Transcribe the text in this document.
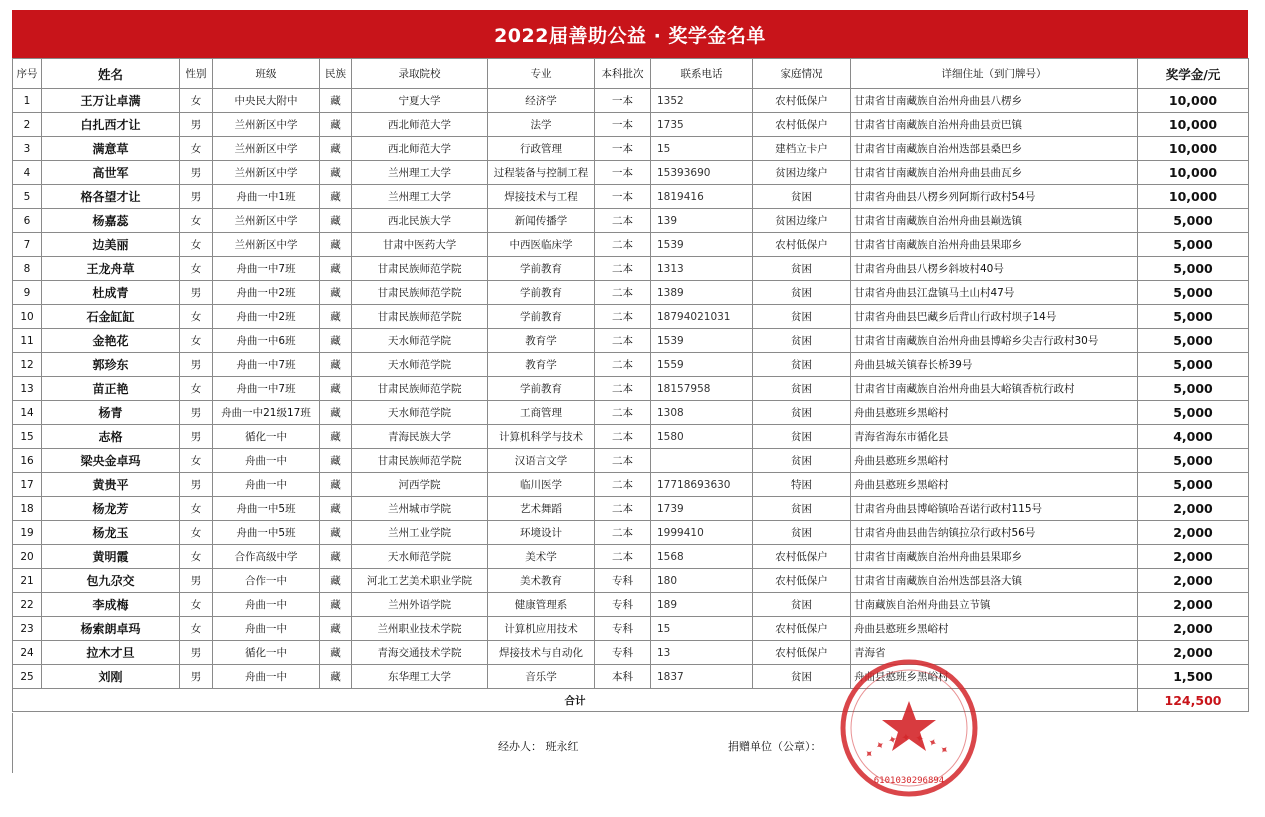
2022届善助公益 · 奖学金名单
序号	姓名	性别	班级	民族	录取院校	专业	本科批次	联系电话	家庭情况	详细住址（到门牌号）	奖学金/元
1	王万让卓满	女	中央民大附中	藏	宁夏大学	经济学	一本	1352	农村低保户	甘肃省甘南藏族自治州舟曲县八楞乡	10,000
2	白扎西才让	男	兰州新区中学	藏	西北师范大学	法学	一本	1735	农村低保户	甘肃省甘南藏族自治州舟曲县贡巴镇	10,000
3	满意草	女	兰州新区中学	藏	西北师范大学	行政管理	一本	15	建档立卡户	甘肃省甘南藏族自治州迭部县桑巴乡	10,000
4	高世军	男	兰州新区中学	藏	兰州理工大学	过程装备与控制工程	一本	15393690	贫困边缘户	甘肃省甘南藏族自治州舟曲县曲瓦乡	10,000
5	格各望才让	男	舟曲一中1班	藏	兰州理工大学	焊接技术与工程	一本	1819416	贫困	甘肃省舟曲县八楞乡列阿斯行政村54号	10,000
6	杨嘉蕊	女	兰州新区中学	藏	西北民族大学	新闻传播学	二本	139	贫困边缘户	甘肃省甘南藏族自治州舟曲县巅选镇	5,000
7	边美丽	女	兰州新区中学	藏	甘肃中医药大学	中西医临床学	二本	1539	农村低保户	甘肃省甘南藏族自治州舟曲县果耶乡	5,000
8	王龙舟草	女	舟曲一中7班	藏	甘肃民族师范学院	学前教育	二本	1313	贫困	甘肃省舟曲县八楞乡斜坡村40号	5,000
9	杜成青	男	舟曲一中2班	藏	甘肃民族师范学院	学前教育	二本	1389	贫困	甘肃省舟曲县江盘镇马土山村47号	5,000
10	石金缸缸	女	舟曲一中2班	藏	甘肃民族师范学院	学前教育	二本	18794021031	贫困	甘肃省舟曲县巴藏乡后背山行政村坝子14号	5,000
11	金艳花	女	舟曲一中6班	藏	天水师范学院	教育学	二本	1539	贫困	甘肃省甘南藏族自治州舟曲县博峪乡尖吉行政村30号	5,000
12	郭珍东	男	舟曲一中7班	藏	天水师范学院	教育学	二本	1559	贫困	舟曲县城关镇春长桥39号	5,000
13	苗正艳	女	舟曲一中7班	藏	甘肃民族师范学院	学前教育	二本	18157958	贫困	甘肃省甘南藏族自治州舟曲县大峪镇香杭行政村	5,000
14	杨青	男	舟曲一中21级17班	藏	天水师范学院	工商管理	二本	1308	贫困	舟曲县憨班乡黑峪村	5,000
15	志格	男	循化一中	藏	青海民族大学	计算机科学与技术	二本	1580	贫困	青海省海东市循化县	4,000
16	梁央金卓玛	女	舟曲一中	藏	甘肃民族师范学院	汉语言文学	二本		贫困	舟曲县憨班乡黑峪村	5,000
17	黄贵平	男	舟曲一中	藏	河西学院	临川医学	二本	17718693630	特困	舟曲县憨班乡黑峪村	5,000
18	杨龙芳	女	舟曲一中5班	藏	兰州城市学院	艺术舞蹈	二本	1739	贫困	甘肃省舟曲县博峪镇哈吾诺行政村115号	2,000
19	杨龙玉	女	舟曲一中5班	藏	兰州工业学院	环境设计	二本	1999410	贫困	甘肃省舟曲县曲告纳镇拉尕行政村56号	2,000
20	黄明霞	女	合作高级中学	藏	天水师范学院	美术学	二本	1568	农村低保户	甘肃省甘南藏族自治州舟曲县果耶乡	2,000
21	包九尕交	男	合作一中	藏	河北工艺美术职业学院	美术教育	专科	180	农村低保户	甘肃省甘南藏族自治州迭部县洛大镇	2,000
22	李成梅	女	舟曲一中	藏	兰州外语学院	健康管理系	专科	189	贫困	甘南藏族自治州舟曲县立节镇	2,000
23	杨索朗卓玛	女	舟曲一中	藏	兰州职业技术学院	计算机应用技术	专科	15	农村低保户	舟曲县憨班乡黑峪村	2,000
24	拉木才旦	男	循化一中	藏	青海交通技术学院	焊接技术与自动化	专科	13	农村低保户	青海省	2,000
25	刘刚	男	舟曲一中	藏	东华理工大学	音乐学	本科	1837	贫困	舟曲县憨班乡黑峪村	1,500
合计											124,500
经办人： 班永红	捐赠单位（公章）：	✦ ✦ ✦ ✦ ✦ ✦ ✦
6101030296894
